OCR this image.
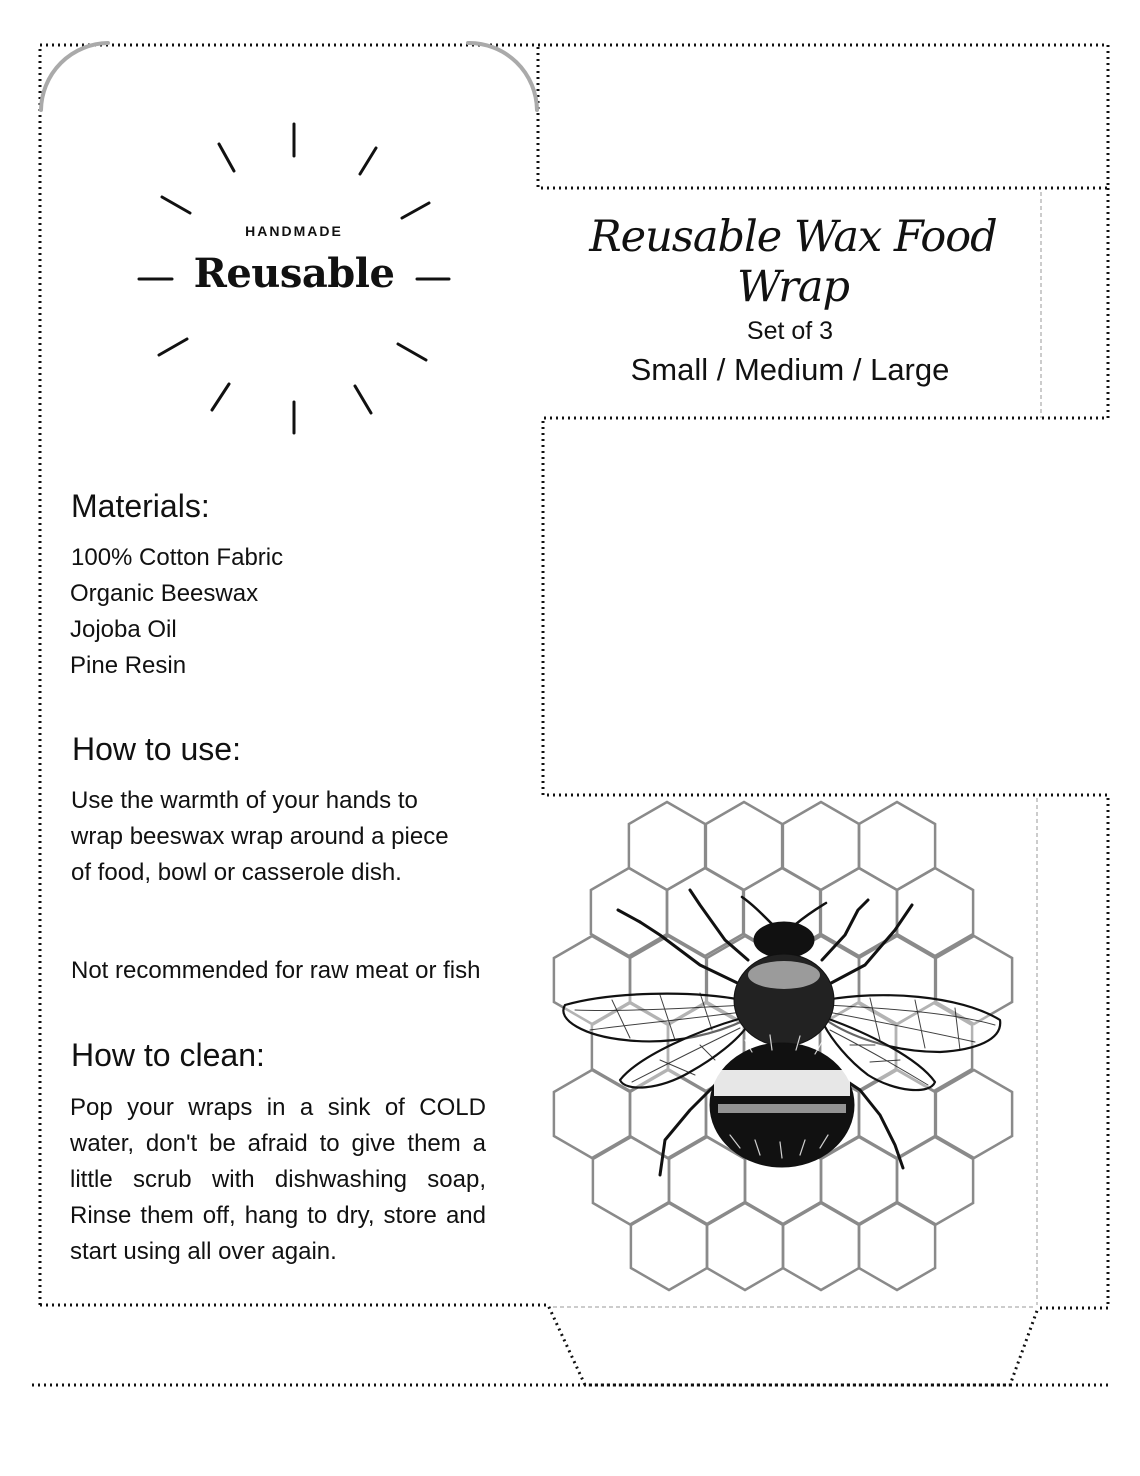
HANDMADE
Reusable
Reusable Wax Food Wrap
Set of 3
Small / Medium / Large
Materials:
100% Cotton Fabric
Organic Beeswax
Jojoba Oil
Pine Resin
How to use:
Use the warmth of your hands to wrap beeswax wrap around a piece of food, bowl or casserole dish.
Not recommended for raw meat or fish
How to clean:
Pop your wraps in a sink of COLD water, don't be afraid to give them a little scrub with dishwashing soap, Rinse them off, hang to dry, store and start using all over again.
